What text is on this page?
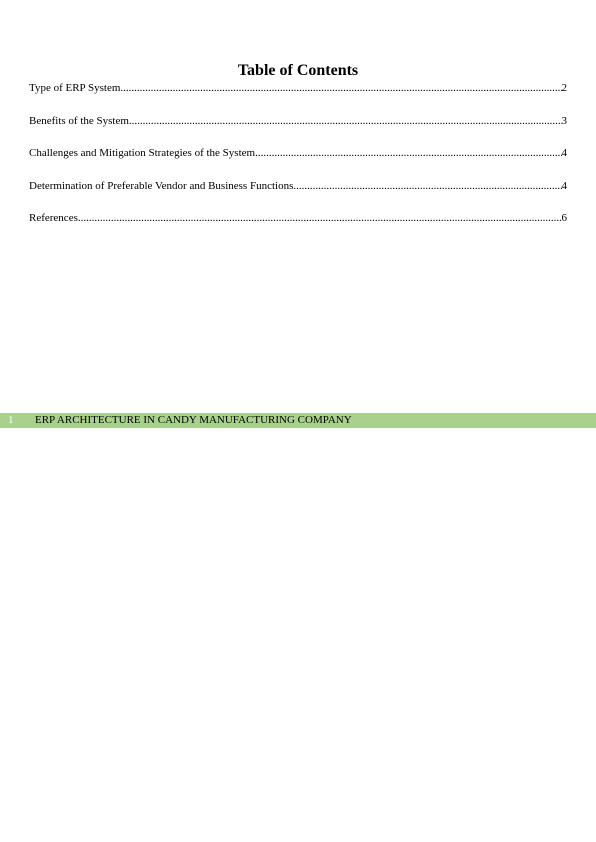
Table of Contents
Type of ERP System .....	2
Benefits of the System .....	3
Challenges and Mitigation Strategies of the System .....	4
Determination of Preferable Vendor and Business Functions .....	4
References .....	6
1 ERP ARCHITECTURE IN CANDY MANUFACTURING COMPANY
